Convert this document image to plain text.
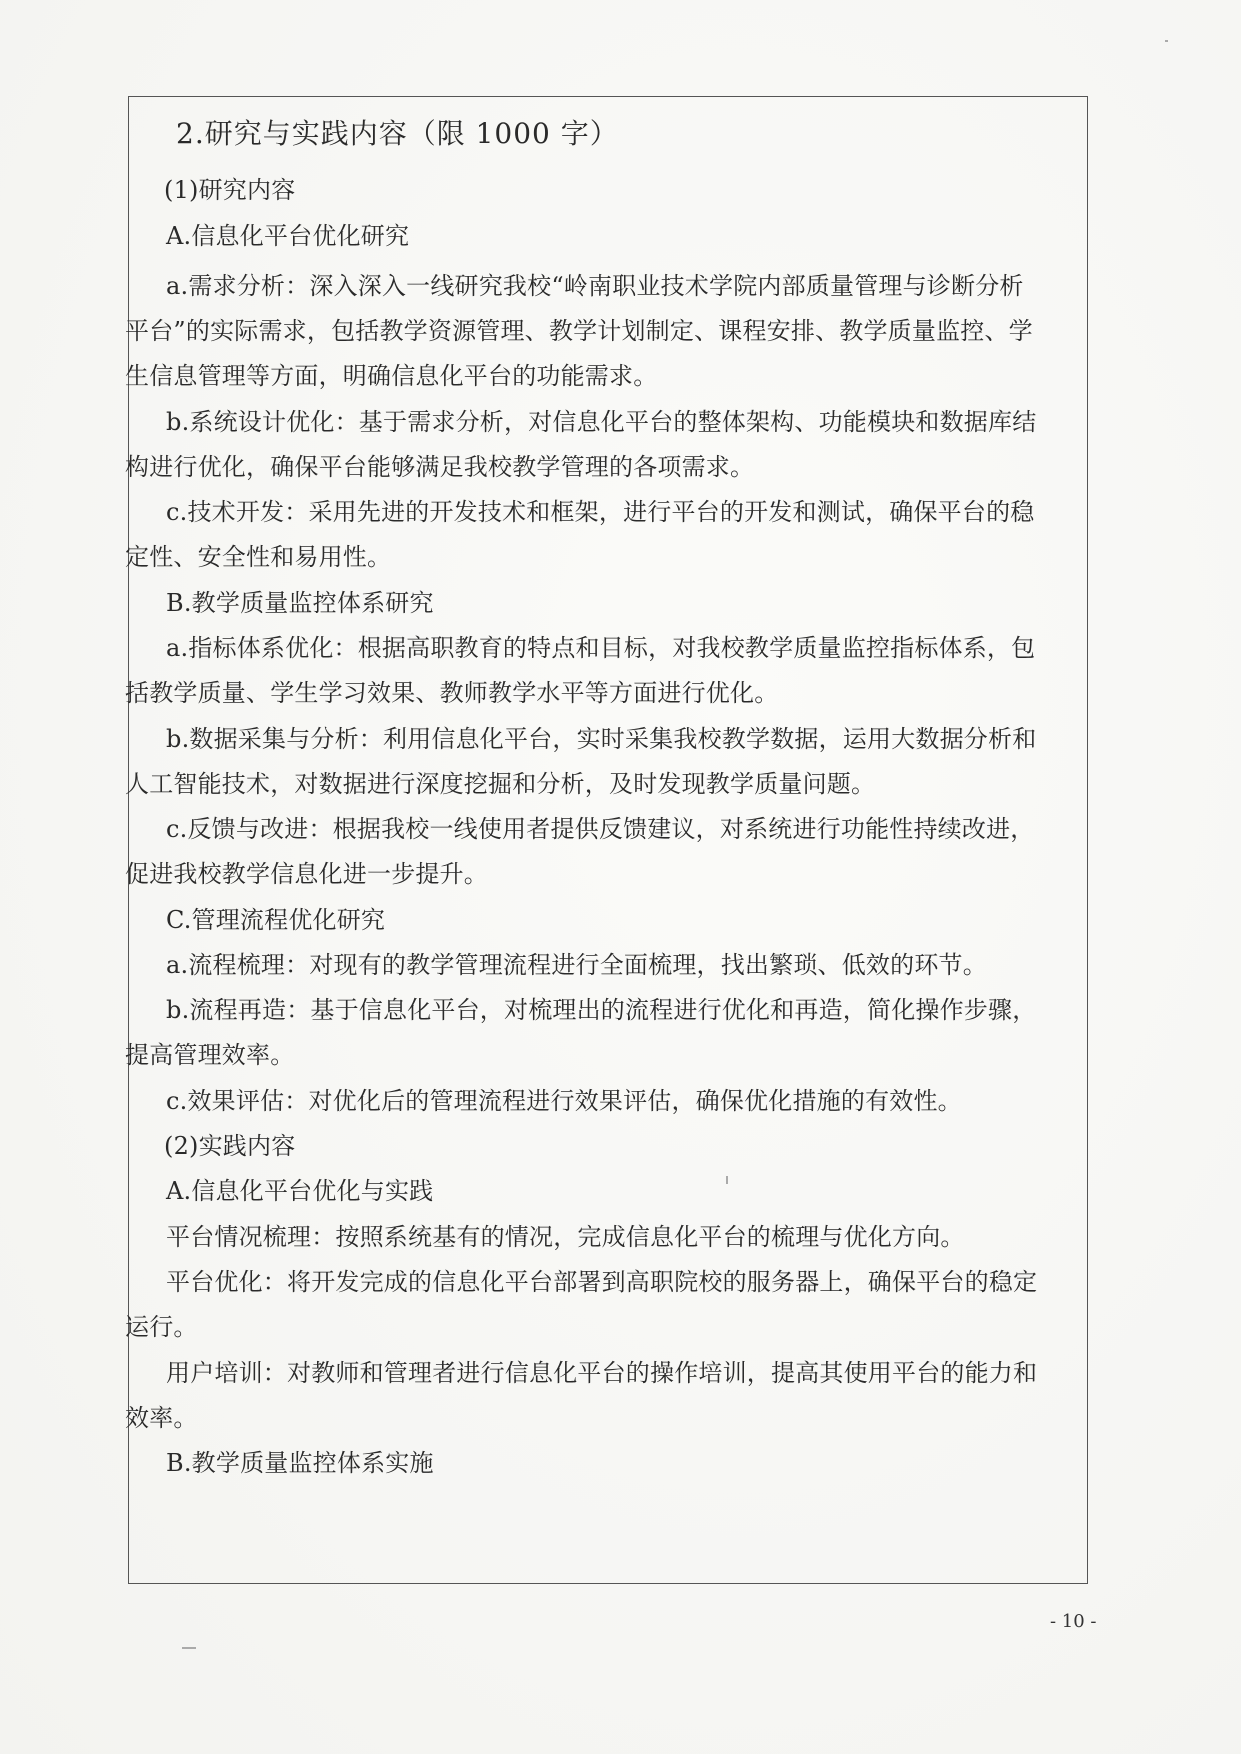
2.研究与实践内容（限 1000 字）
(1)研究内容
A.信息化平台优化研究
a.需求分析：深入深入一线研究我校“岭南职业技术学院内部质量管理与诊断分析
平台”的实际需求，包括教学资源管理、教学计划制定、课程安排、教学质量监控、学
生信息管理等方面，明确信息化平台的功能需求。
b.系统设计优化：基于需求分析，对信息化平台的整体架构、功能模块和数据库结
构进行优化，确保平台能够满足我校教学管理的各项需求。
c.技术开发：采用先进的开发技术和框架，进行平台的开发和测试，确保平台的稳
定性、安全性和易用性。
B.教学质量监控体系研究
a.指标体系优化：根据高职教育的特点和目标，对我校教学质量监控指标体系，包
括教学质量、学生学习效果、教师教学水平等方面进行优化。
b.数据采集与分析：利用信息化平台，实时采集我校教学数据，运用大数据分析和
人工智能技术，对数据进行深度挖掘和分析，及时发现教学质量问题。
c.反馈与改进：根据我校一线使用者提供反馈建议，对系统进行功能性持续改进，
促进我校教学信息化进一步提升。
C.管理流程优化研究
a.流程梳理：对现有的教学管理流程进行全面梳理，找出繁琐、低效的环节。
b.流程再造：基于信息化平台，对梳理出的流程进行优化和再造，简化操作步骤，
提高管理效率。
c.效果评估：对优化后的管理流程进行效果评估，确保优化措施的有效性。
(2)实践内容
A.信息化平台优化与实践
平台情况梳理：按照系统基有的情况，完成信息化平台的梳理与优化方向。
平台优化：将开发完成的信息化平台部署到高职院校的服务器上，确保平台的稳定
运行。
用户培训：对教师和管理者进行信息化平台的操作培训，提高其使用平台的能力和
效率。
B.教学质量监控体系实施
- 10 -
